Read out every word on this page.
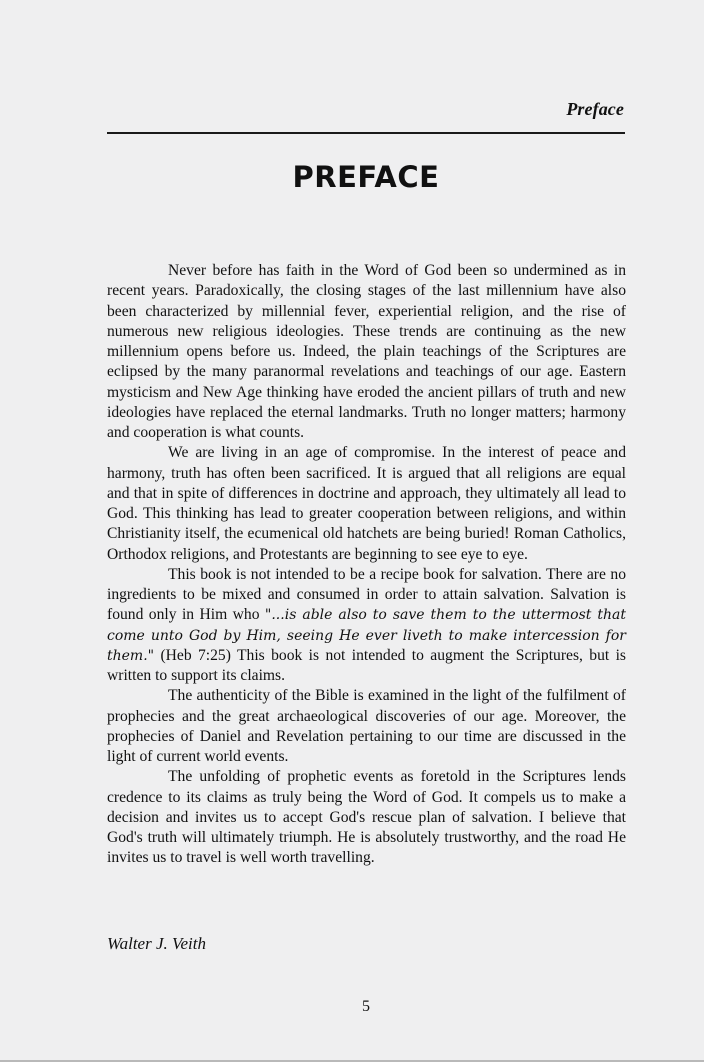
Preface
PREFACE

Never before has faith in the Word of God been so undermined as in recent years. Paradoxically, the closing stages of the last millennium have also been characterized by millennial fever, experiential religion, and the rise of numerous new religious ideologies. These trends are continuing as the new millennium opens before us. Indeed, the plain teachings of the Scriptures are eclipsed by the many paranormal revelations and teachings of our age. Eastern mysticism and New Age thinking have eroded the ancient pillars of truth and new ideologies have replaced the eternal landmarks. Truth no longer matters; harmony and cooperation is what counts.

We are living in an age of compromise. In the interest of peace and harmony, truth has often been sacrificed. It is argued that all religions are equal and that in spite of differences in doctrine and approach, they ultimately all lead to God. This thinking has lead to greater cooperation between religions, and within Christianity itself, the ecumenical old hatchets are being buried! Roman Catholics, Orthodox religions, and Protestants are beginning to see eye to eye.

This book is not intended to be a recipe book for salvation. There are no ingredients to be mixed and consumed in order to attain salvation. Salvation is found only in Him who "...is able also to save them to the uttermost that come unto God by Him, seeing He ever liveth to make intercession for them." (Heb 7:25) This book is not intended to augment the Scriptures, but is written to support its claims.

The authenticity of the Bible is examined in the light of the fulfilment of prophecies and the great archaeological discoveries of our age. Moreover, the prophecies of Daniel and Revelation pertaining to our time are discussed in the light of current world events.

The unfolding of prophetic events as foretold in the Scriptures lends credence to its claims as truly being the Word of God. It compels us to make a decision and invites us to accept God's rescue plan of salvation. I believe that God's truth will ultimately triumph. He is absolutely trustworthy, and the road He invites us to travel is well worth travelling.

Walter J. Veith
5
